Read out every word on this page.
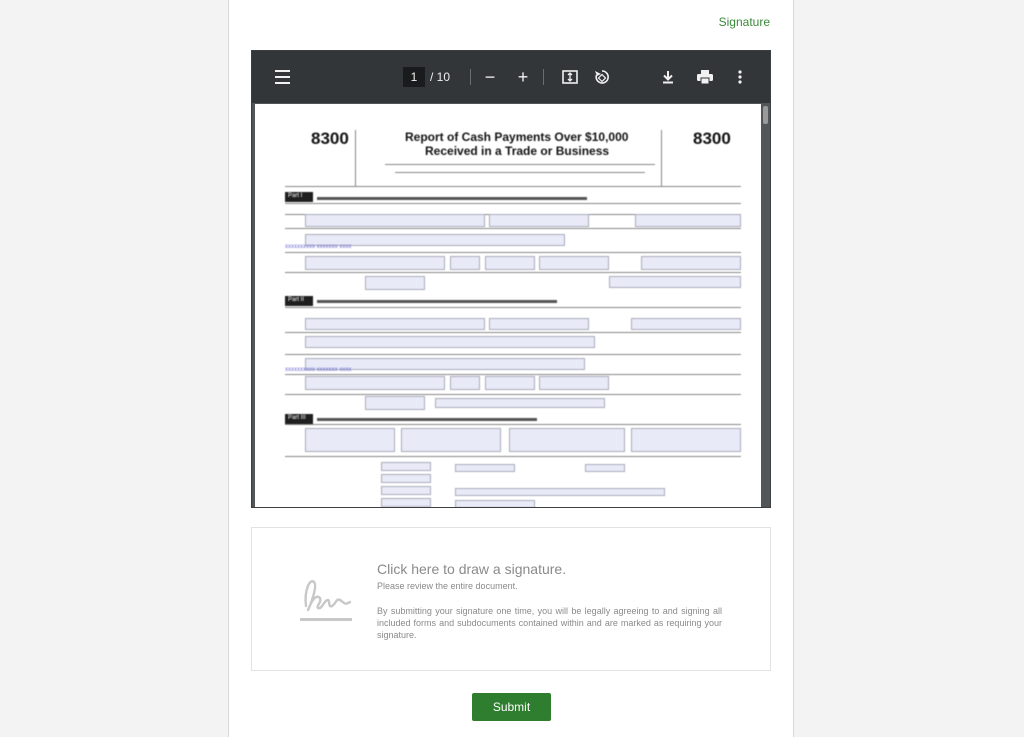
Signature
1	/ 10 − +
8300	8300
Report of Cash Payments Over $10,000
Received in a Trade or Business
Part I
xxxxxxxxxx xxxxxxx xxxx
Part II
xxxxxxxxxx xxxxxxx xxxx
Part III
Click here to draw a signature.
Please review the entire document.

By submitting your signature one time, you will be legally agreeing to and signing all included forms and subdocuments contained within and are marked as requiring your signature.

Submit
